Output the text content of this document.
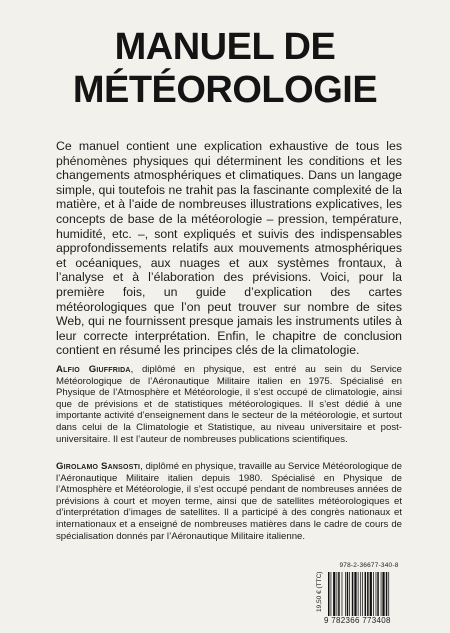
MANUEL DE
MÉTÉOROLOGIE
Ce manuel contient une explication exhaustive de tous les phénomènes physiques qui déterminent les conditions et les changements atmosphériques et climatiques. Dans un langage simple, qui toutefois ne trahit pas la fascinante complexité de la matière, et à l’aide de nombreuses illustrations explicatives, les concepts de base de la météorologie – pression, température, humidité, etc. –, sont expliqués et suivis des indispensables approfondissements relatifs aux mouvements atmosphériques et océaniques, aux nuages et aux systèmes frontaux, à l’analyse et à l’élaboration des prévisions. Voici, pour la première fois, un guide d’explication des cartes météorologiques que l’on peut trouver sur nombre de sites Web, qui ne fournissent presque jamais les instruments utiles à leur correcte interprétation. Enfin, le chapitre de conclusion contient en résumé les principes clés de la climatologie.
Alfio Giuffrida, diplômé en physique, est entré au sein du Service Météorologique de l’Aéronautique Militaire italien en 1975. Spécialisé en Physique de l’Atmosphère et Météorologie, il s’est occupé de climatologie, ainsi que de prévisions et de statistiques météorologiques. Il s’est dédié à une importante activité d’enseignement dans le secteur de la météorologie, et surtout dans celui de la Climatologie et Statistique, au niveau universitaire et post-universitaire. Il est l’auteur de nombreuses publications scientifiques.
Girolamo Sansosti, diplômé en physique, travaille au Service Météorologique de l’Aéronautique Militaire italien depuis 1980. Spécialisé en Physique de l’Atmosphère et Météorologie, il s’est occupé pendant de nombreuses années de prévisions à court et moyen terme, ainsi que de satellites météorologiques et d’interprétation d’images de satellites. Il a participé à des congrès nationaux et internationaux et a enseigné de nombreuses matières dans le cadre de cours de spécialisation donnés par l’Aéronautique Militaire italienne.
978-2-36677-340-8
9 782366 773408
19,50 € (TTC)
